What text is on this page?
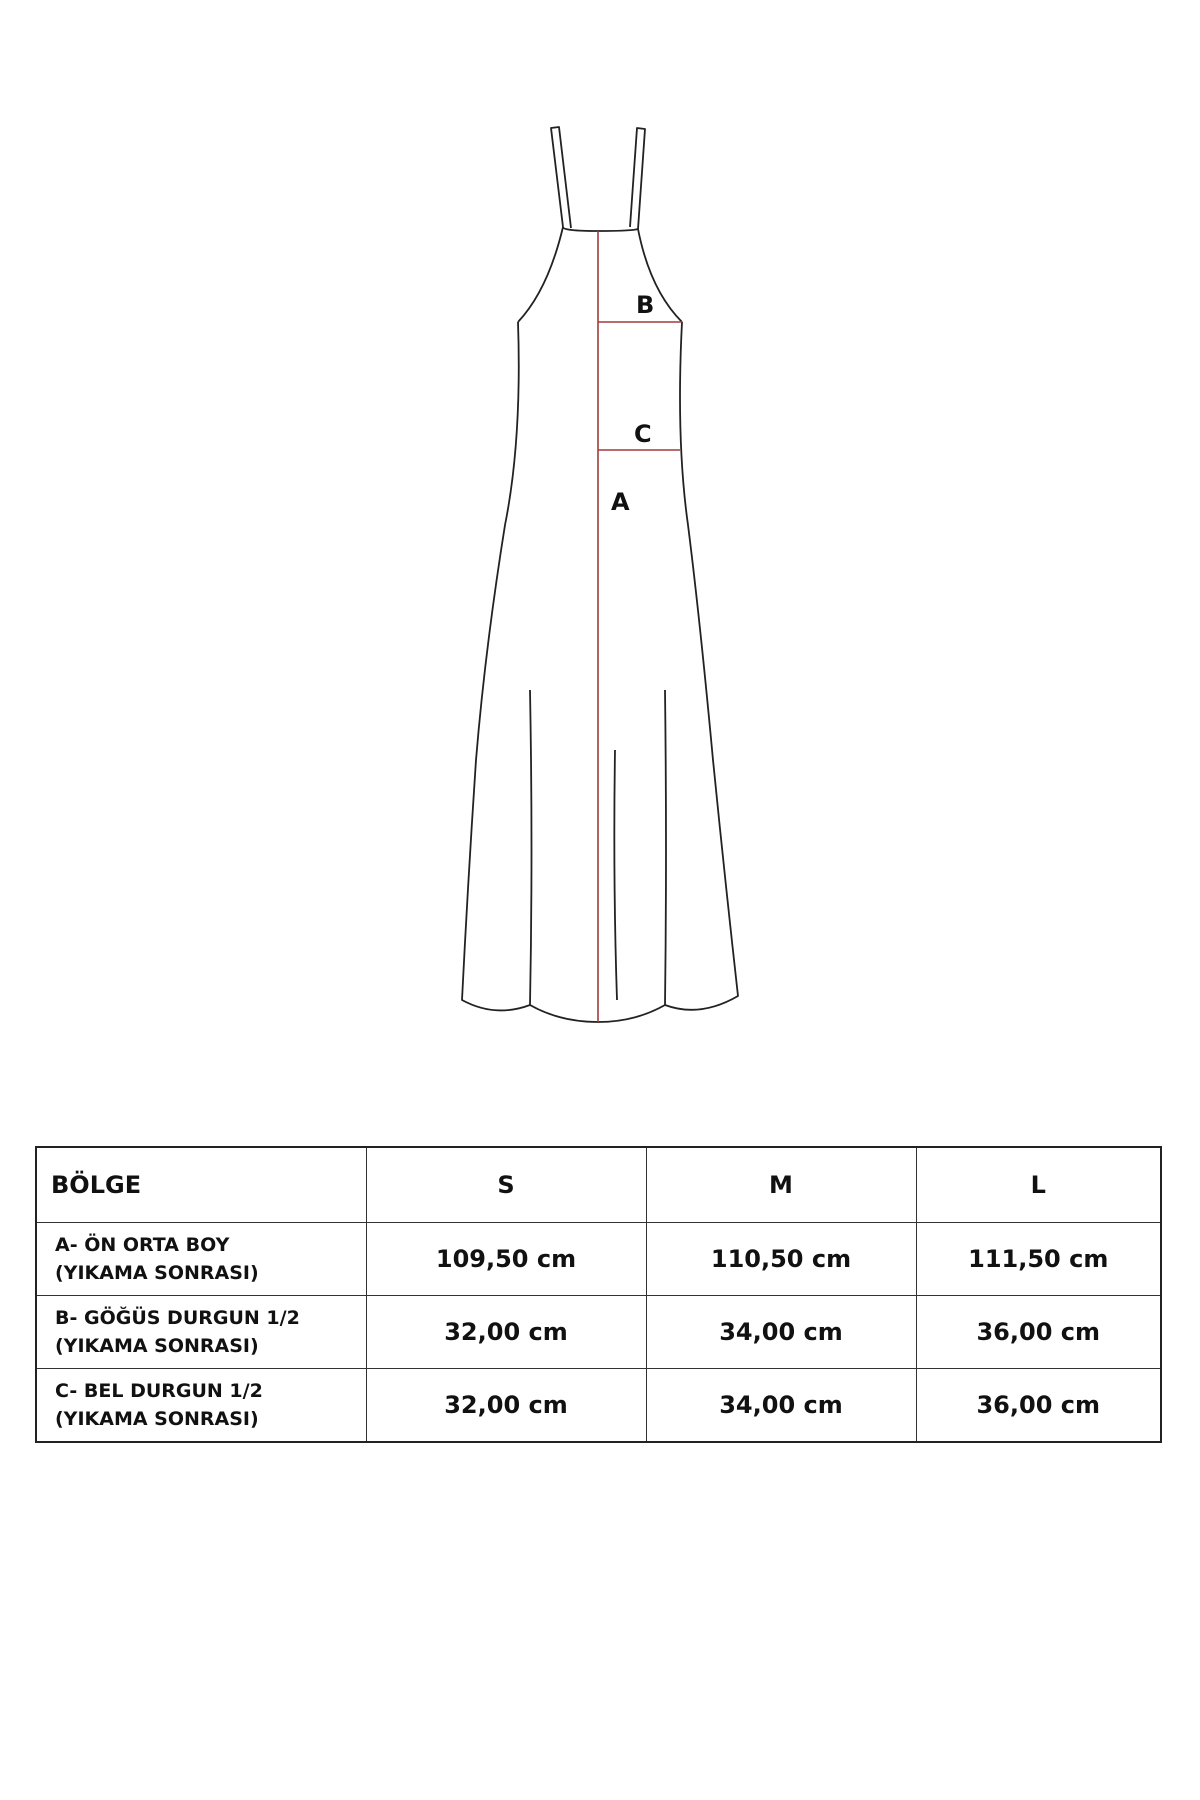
B
C
A
BÖLGE	S	M	L

A- ÖN ORTA BOY
(YIKAMA SONRASI)	109,50 cm	110,50 cm	111,50 cm

B- GÖĞÜS DURGUN 1/2
(YIKAMA SONRASI)	32,00 cm	34,00 cm	36,00 cm

C- BEL DURGUN 1/2
(YIKAMA SONRASI)	32,00 cm	34,00 cm	36,00 cm
